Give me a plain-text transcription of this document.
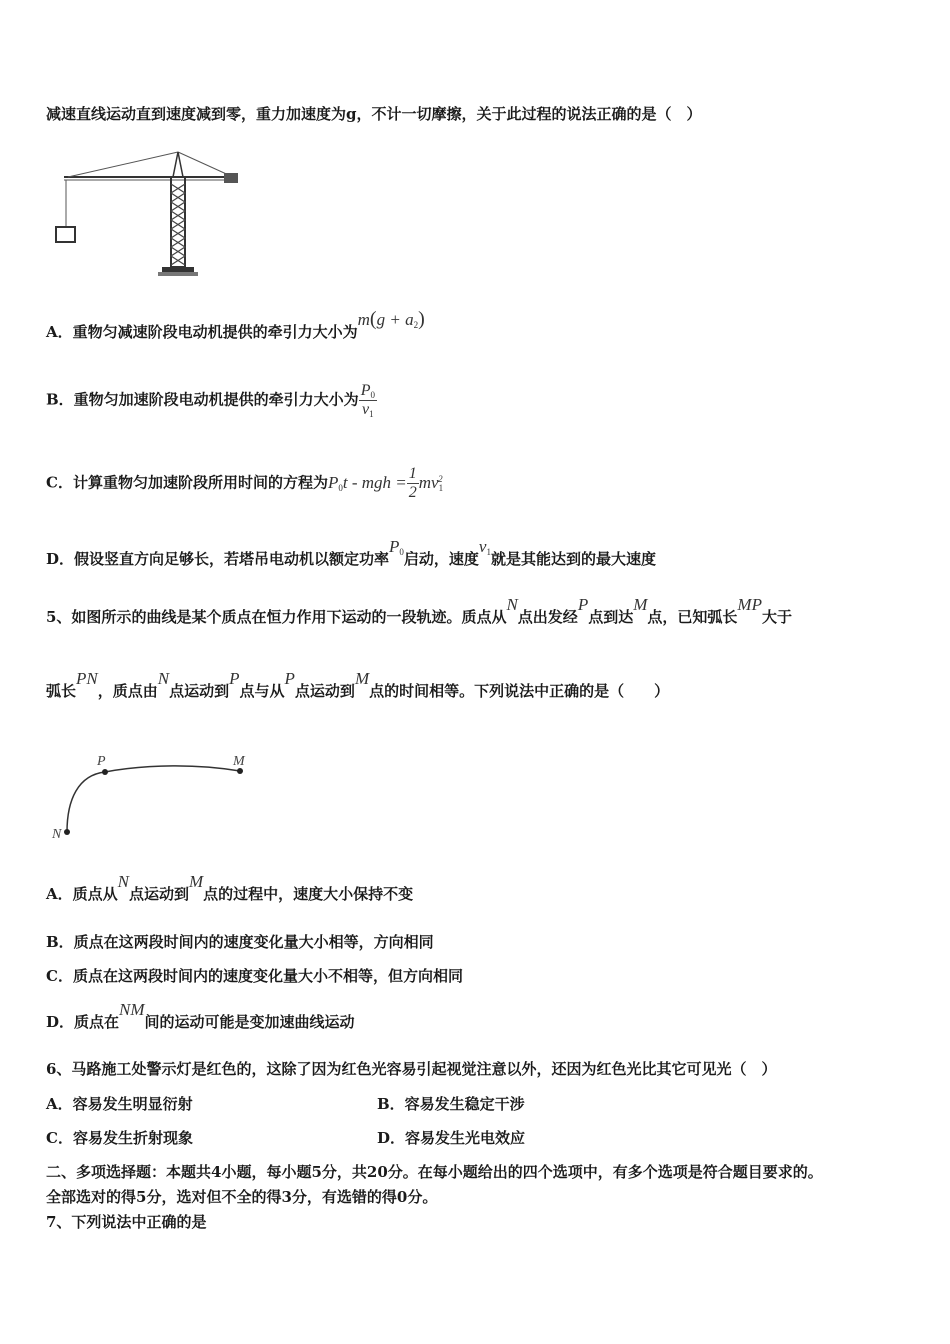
减速直线运动直到速度减到零，重力加速度为g，不计一切摩擦，关于此过程的说法正确的是（　）
A．重物匀减速阶段电动机提供的牵引力大小为$m(g + a_2)$
B．重物匀加速阶段电动机提供的牵引力大小为 $\frac{P_0}{v_1}$
C．计算重物匀加速阶段所用时间的方程为$P_0t$ - mgh = $\frac{1}{2} mv_1^2$
D．假设竖直方向足够长，若塔吊电动机以额定功率$P_0$启动，速度$v_1$就是其能达到的最大速度
5、如图所示的曲线是某个质点在恒力作用下运动的一段轨迹。质点从N点出发经P点到达M点，已知弧长MP大于
弧长PN，质点由N点运动到P点与从P点运动到M点的时间相等。下列说法中正确的是（　　）
P	M
N
A．质点从N点运动到M点的过程中，速度大小保持不变
B．质点在这两段时间内的速度变化量大小相等，方向相同
C．质点在这两段时间内的速度变化量大小不相等，但方向相同
D．质点在NM间的运动可能是变加速曲线运动
6、马路施工处警示灯是红色的，这除了因为红色光容易引起视觉注意以外，还因为红色光比其它可见光（　）
A．容易发生明显衍射	B．容易发生稳定干涉
C．容易发生折射现象	D．容易发生光电效应
二、多项选择题：本题共4小题，每小题5分，共20分。在每小题给出的四个选项中，有多个选项是符合题目要求的。
全部选对的得5分，选对但不全的得3分，有选错的得0分。
7、下列说法中正确的是
